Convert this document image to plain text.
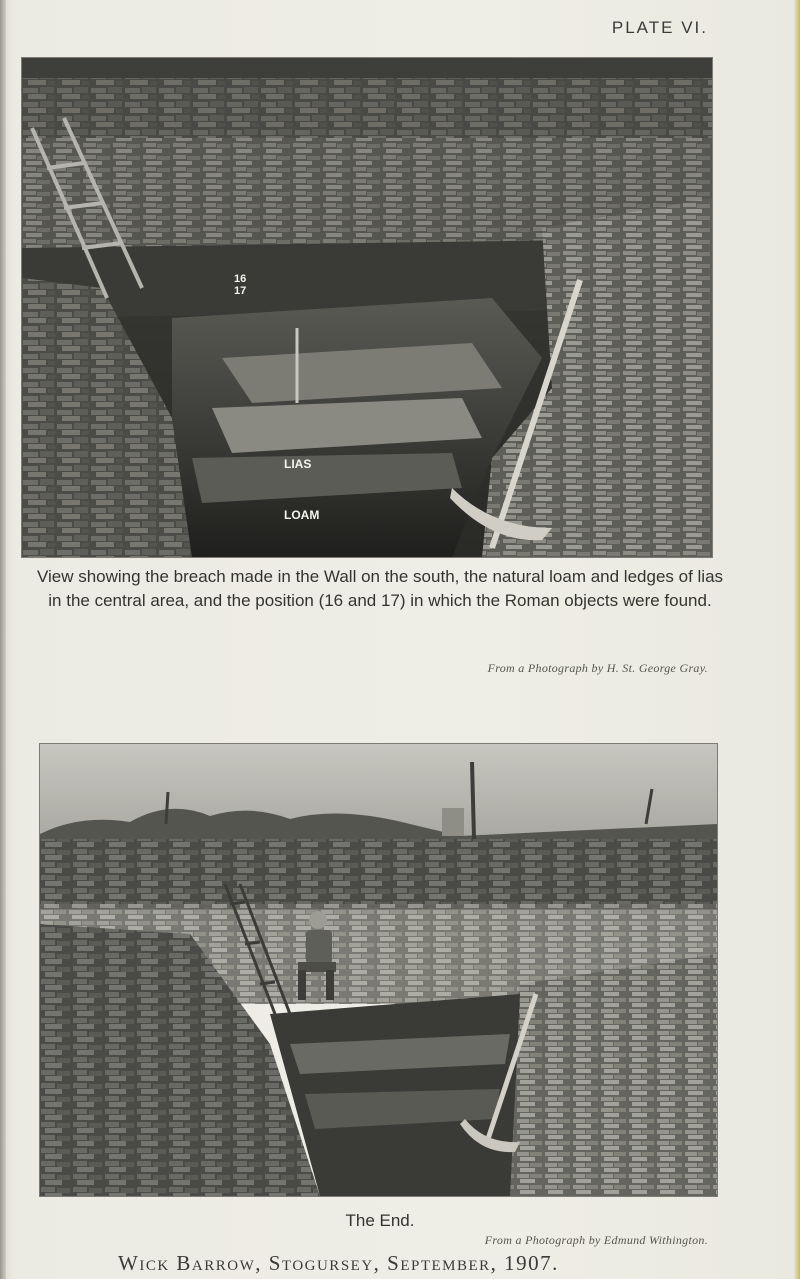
PLATE VI.
16
17
LIAS
LOAM
View showing the breach made in the Wall on the south, the natural loam and ledges of lias in the central area, and the position (16 and 17) in which the Roman objects were found.
From a Photograph by H. St. George Gray.
The End.
From a Photograph by Edmund Withington.
Wick Barrow, Stogursey, September, 1907.
